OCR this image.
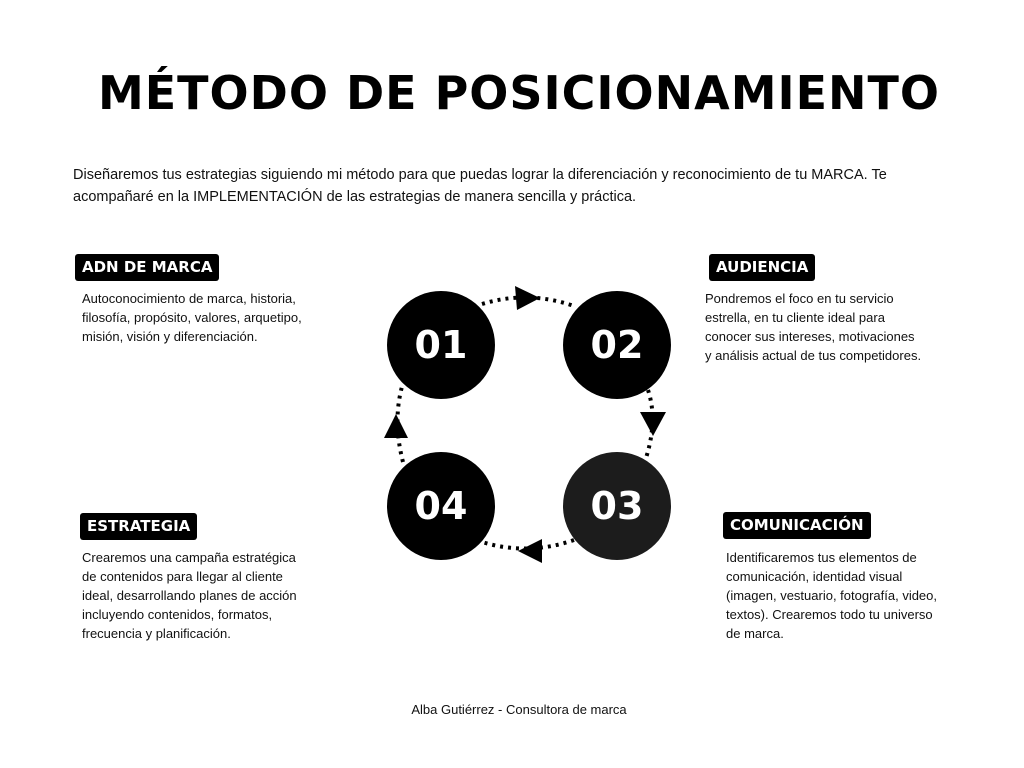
MÉTODO DE POSICIONAMIENTO

Diseñaremos tus estrategias siguiendo mi método para que puedas lograr la diferenciación y reconocimiento de tu MARCA. Te acompañaré en la IMPLEMENTACIÓN de las estrategias de manera sencilla y práctica.

01	02
03
04
ADN DE MARCA
Autoconocimiento de marca, historia,
filosofía, propósito, valores, arquetipo,
misión, visión y diferenciación.
AUDIENCIA
Pondremos el foco en tu servicio
estrella, en tu cliente ideal para
conocer sus intereses, motivaciones
y análisis actual de tus competidores.
COMUNICACIÓN
Identificaremos tus elementos de
comunicación, identidad visual
(imagen, vestuario, fotografía, video,
textos). Crearemos todo tu universo
de marca.
ESTRATEGIA
Crearemos una campaña estratégica
de contenidos para llegar al cliente
ideal, desarrollando planes de acción
incluyendo contenidos, formatos,
frecuencia y planificación.

Alba Gutiérrez - Consultora de marca
